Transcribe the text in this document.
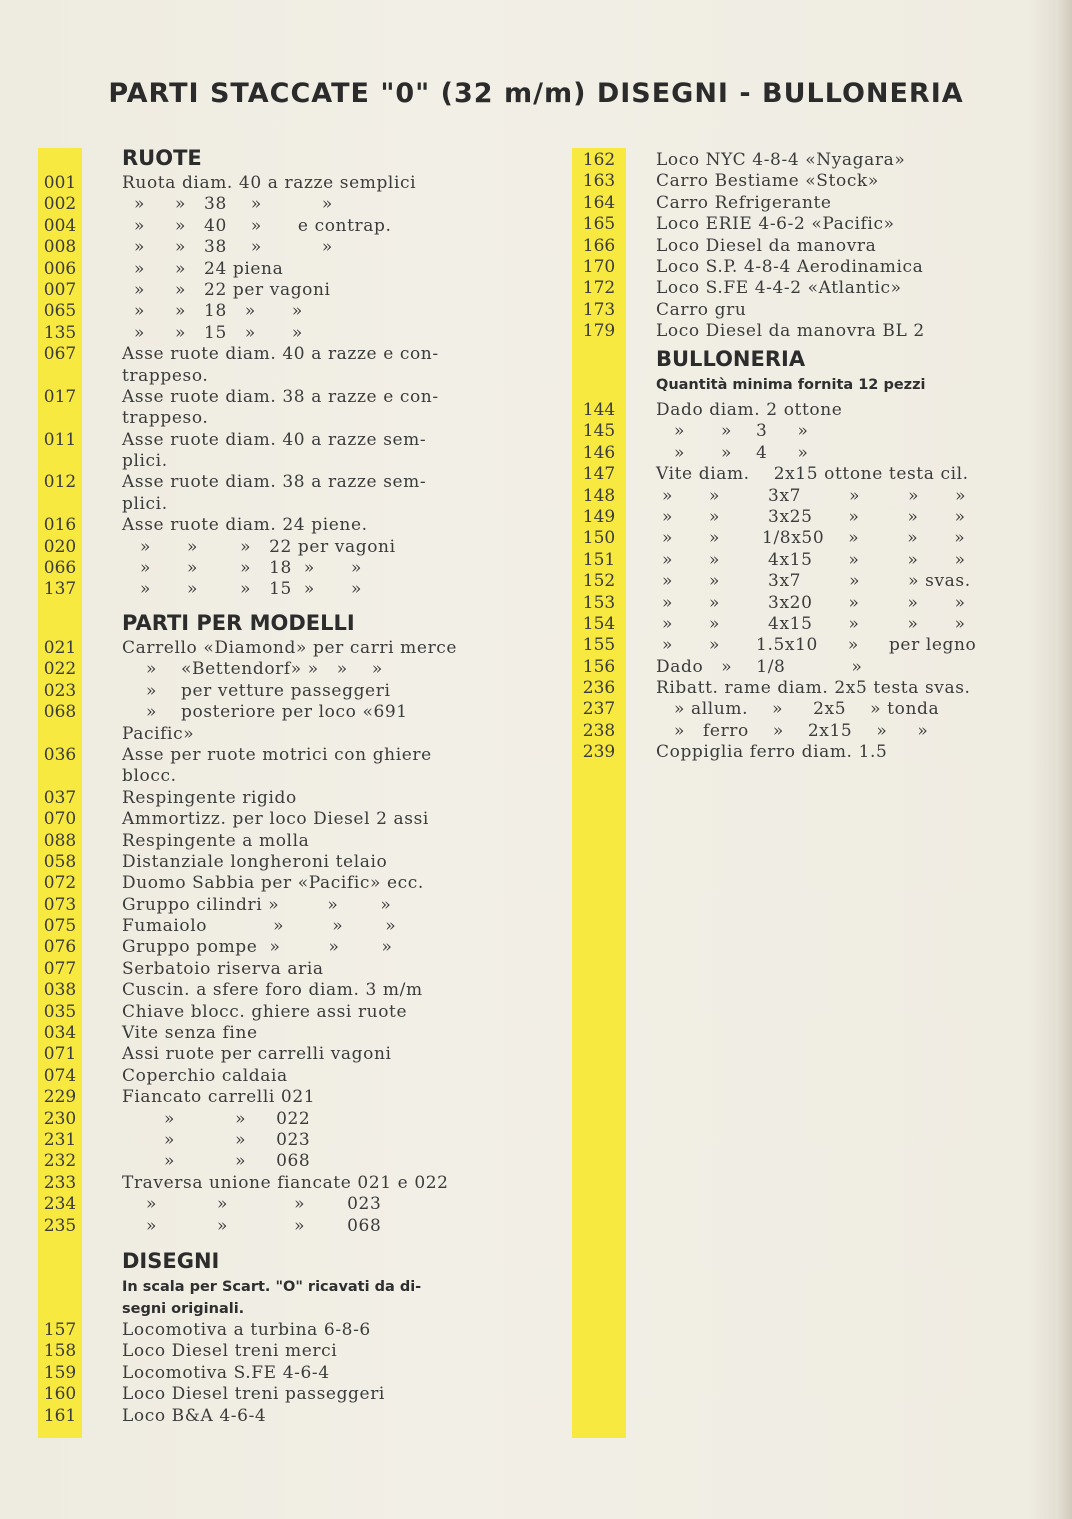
PARTI STACCATE "0" (32 m/m) DISEGNI - BULLONERIA
RUOTE
001	Ruota diam. 40 a razze semplici
002	»     »   38    »          »
004	»     »   40    »      e contrap.
008	»     »   38    »          »
006	»     »   24 piena
007	»     »   22 per vagoni
065	»     »   18   »      »
135	»     »   15   »      »
067	Asse ruote diam. 40 a razze e con-
trappeso.
017	Asse ruote diam. 38 a razze e con-
trappeso.
011	Asse ruote diam. 40 a razze sem-
plici.
012	Asse ruote diam. 38 a razze sem-
plici.
016	Asse ruote diam. 24 piene.
020	»      »       »   22 per vagoni
066	»      »       »   18  »      »
137	»      »       »   15  »      »
PARTI PER MODELLI
021	Carrello «Diamond» per carri merce
022	»    «Bettendorf» »   »    »
023	»    per vetture passeggeri
068	»    posteriore per loco «691
Pacific»
036	Asse per ruote motrici con ghiere
blocc.
037	Respingente rigido
070	Ammortizz. per loco Diesel 2 assi
088	Respingente a molla
058	Distanziale longheroni telaio
072	Duomo Sabbia per «Pacific» ecc.
073	Gruppo cilindri »        »       »
075	Fumaiolo           »        »       »
076	Gruppo pompe  »        »       »
077	Serbatoio riserva aria
038	Cuscin. a sfere foro diam. 3 m/m
035	Chiave blocc. ghiere assi ruote
034	Vite senza fine
071	Assi ruote per carrelli vagoni
074	Coperchio caldaia
229	Fiancato carrelli 021
230	»          »     022
231	»          »     023
232	»          »     068
233	Traversa unione fiancate 021 e 022
234	»          »           »       023
235	»          »           »       068
DISEGNI
In scala per Scart. "O" ricavati da di-
segni originali.
157	Locomotiva a turbina 6-8-6
158	Loco Diesel treni merci
159	Locomotiva S.FE 4-6-4
160	Loco Diesel treni passeggeri
161	Loco B&A 4-6-4
162	Loco NYC 4-8-4 «Nyagara»
163	Carro Bestiame «Stock»
164	Carro Refrigerante
165	Loco ERIE 4-6-2 «Pacific»
166	Loco Diesel da manovra
170	Loco S.P. 4-8-4 Aerodinamica
172	Loco S.FE 4-4-2 «Atlantic»
173	Carro gru
179	Loco Diesel da manovra BL 2
BULLONERIA
Quantità minima fornita 12 pezzi
144	Dado diam. 2 ottone
145	»      »    3     »
146	»      »    4     »
147	Vite diam.    2x15 ottone testa cil.
148	»      »        3x7        »        »      »
149	»      »        3x25      »        »      »
150	»      »       1/8x50    »        »      »
151	»      »        4x15      »        »      »
152	»      »        3x7        »        » svas.
153	»      »        3x20      »        »      »
154	»      »        4x15      »        »      »
155	»      »      1.5x10     »     per legno
156	Dado   »    1/8           »
236	Ribatt. rame diam. 2x5 testa svas.
237	» allum.    »     2x5    » tonda
238	»   ferro    »    2x15    »     »
239	Coppiglia ferro diam. 1.5
